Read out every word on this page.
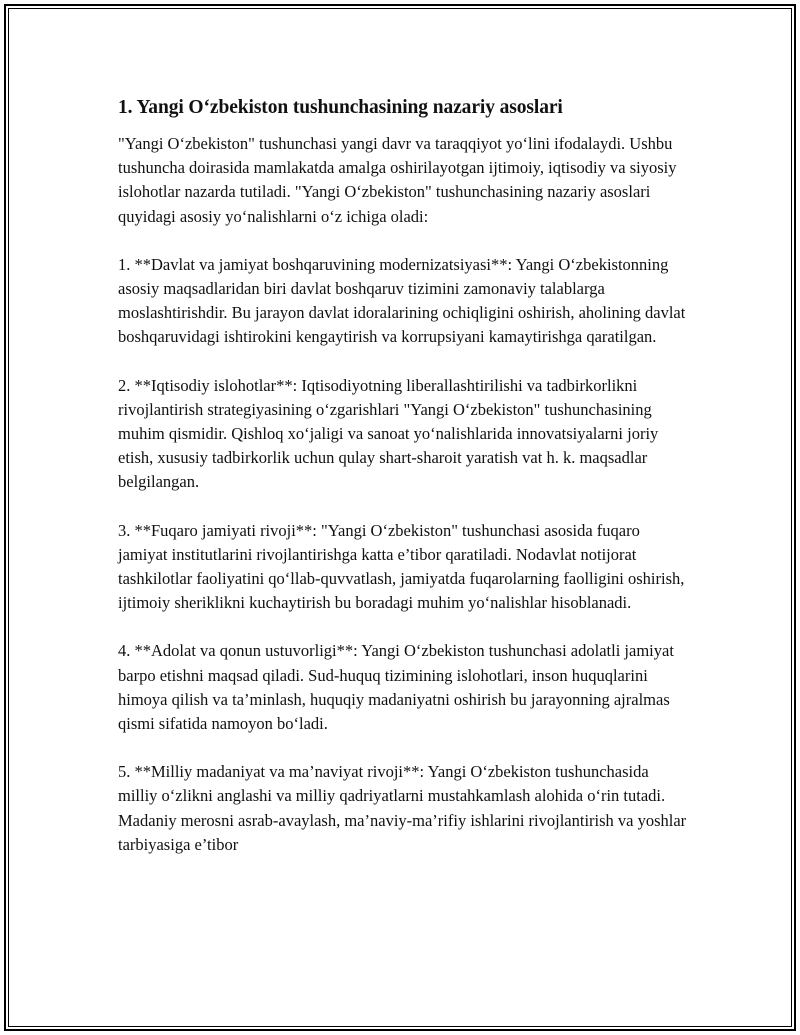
1. Yangi O‘zbekiston tushunchasining nazariy asoslari

"Yangi O‘zbekiston" tushunchasi yangi davr va taraqqiyot yo‘lini ifodalaydi. Ushbu tushuncha doirasida mamlakatda amalga oshirilayotgan ijtimoiy, iqtisodiy va siyosiy islohotlar nazarda tutiladi. "Yangi O‘zbekiston" tushunchasining nazariy asoslari quyidagi asosiy yo‘nalishlarni o‘z ichiga oladi:

1. **Davlat va jamiyat boshqaruvining modernizatsiyasi**: Yangi O‘zbekistonning asosiy maqsadlaridan biri davlat boshqaruv tizimini zamonaviy talablarga moslashtirishdir. Bu jarayon davlat idoralarining ochiqligini oshirish, aholining davlat boshqaruvidagi ishtirokini kengaytirish va korrupsiyani kamaytirishga qaratilgan.

2. **Iqtisodiy islohotlar**: Iqtisodiyotning liberallashtirilishi va tadbirkorlikni rivojlantirish strategiyasining o‘zgarishlari "Yangi O‘zbekiston" tushunchasining muhim qismidir. Qishloq xo‘jaligi va sanoat yo‘nalishlarida innovatsiyalarni joriy etish, xususiy tadbirkorlik uchun qulay shart-sharoit yaratish vat h. k. maqsadlar belgilangan.

3. **Fuqaro jamiyati rivoji**: "Yangi O‘zbekiston" tushunchasi asosida fuqaro jamiyat institutlarini rivojlantirishga katta e’tibor qaratiladi. Nodavlat notijorat tashkilotlar faoliyatini qo‘llab-quvvatlash, jamiyatda fuqarolarning faolligini oshirish, ijtimoiy sheriklikni kuchaytirish bu boradagi muhim yo‘nalishlar hisoblanadi.

4. **Adolat va qonun ustuvorligi**: Yangi O‘zbekiston tushunchasi adolatli jamiyat barpo etishni maqsad qiladi. Sud-huquq tizimining islohotlari, inson huquqlarini himoya qilish va ta’minlash, huquqiy madaniyatni oshirish bu jarayonning ajralmas qismi sifatida namoyon bo‘ladi.

5. **Milliy madaniyat va ma’naviyat rivoji**: Yangi O‘zbekiston tushunchasida milliy o‘zlikni anglashi va milliy qadriyatlarni mustahkamlash alohida o‘rin tutadi. Madaniy merosni asrab-avaylash, ma’naviy-ma’rifiy ishlarini rivojlantirish va yoshlar tarbiyasiga e’tibor
